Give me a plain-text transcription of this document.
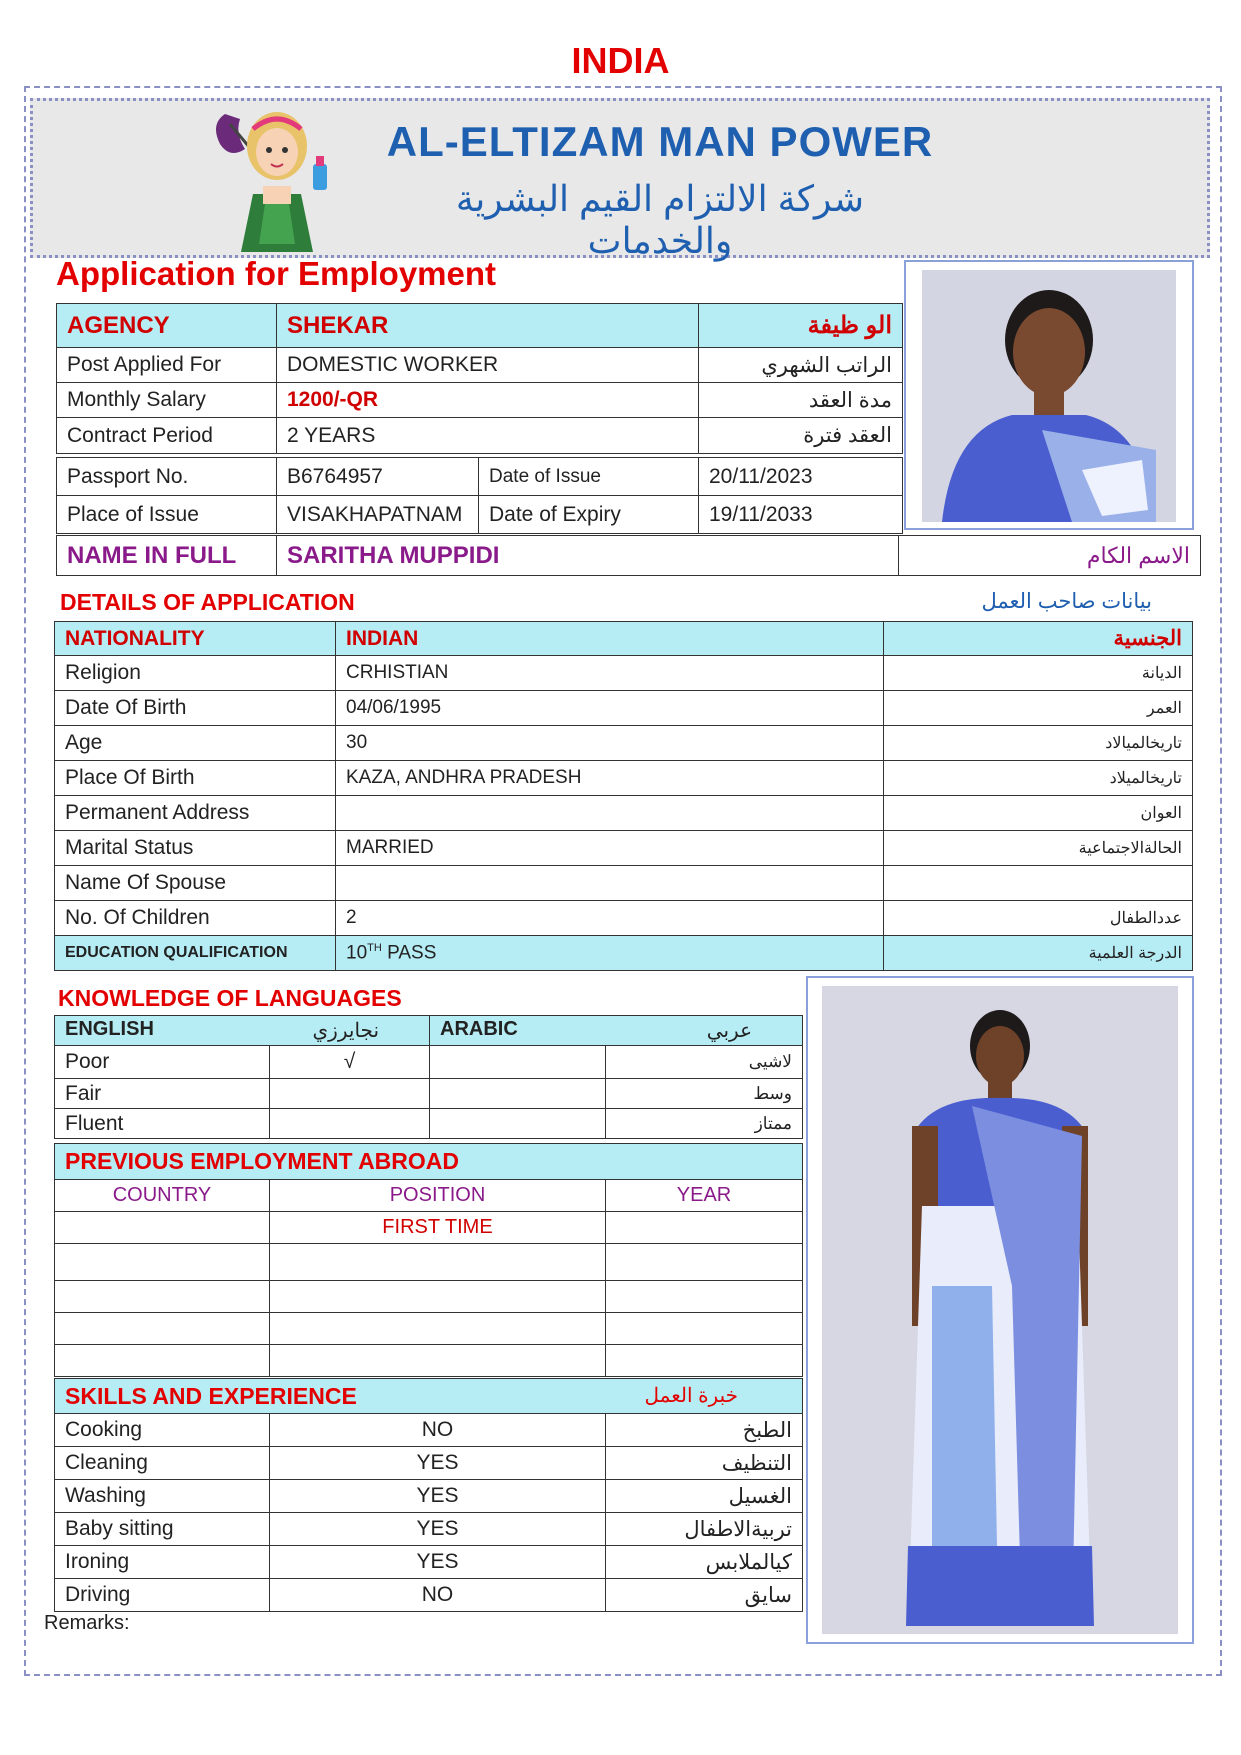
INDIA
AL-ELTIZAM MAN POWER
شركة الالتزام القيم البشرية والخدمات
Application for Employment
AGENCY	SHEKAR	الو ظيفة
Post Applied For	DOMESTIC WORKER	الراتب الشهري
Monthly Salary	1200/-QR	مدة العقد
Contract Period	2 YEARS	العقد فترة
Passport No.	B6764957	Date of Issue	20/11/2023
Place of Issue	VISAKHAPATNAM	Date of Expiry	19/11/2033
NAME IN FULL	SARITHA MUPPIDI	الاسم الكام
DETAILS OF APPLICATION	بيانات صاحب العمل
NATIONALITY	INDIAN	الجنسية
Religion	CRHISTIAN	الديانة
Date Of Birth	04/06/1995	العمر
Age	30	تاريخالميالاد
Place Of Birth	KAZA, ANDHRA PRADESH	تاريخالميلاد
Permanent Address		العوان
Marital Status	MARRIED	الحالةالاجتماعية
Name Of Spouse		
No. Of Children	2	عددالطفال
EDUCATION QUALIFICATION	10TH PASS	الدرجة العلمية
KNOWLEDGE OF LANGUAGES
ENGLISH نجايرزي		ARABIC عربي	

Poor	√		لاشيى
Fair			وسط
Fluent			ممتاز
PREVIOUS EMPLOYMENT ABROAD		
COUNTRY	POSITION	YEAR
	FIRST TIME	

SKILLS AND EXPERIENCE خبرة العمل		

Cooking	NO	الطبخ
Cleaning	YES	التنظيف
Washing	YES	الغسيل
Baby sitting	YES	تربيةالاطفال
Ironing	YES	كيالملابس
Driving	NO	سايق
Remarks:
